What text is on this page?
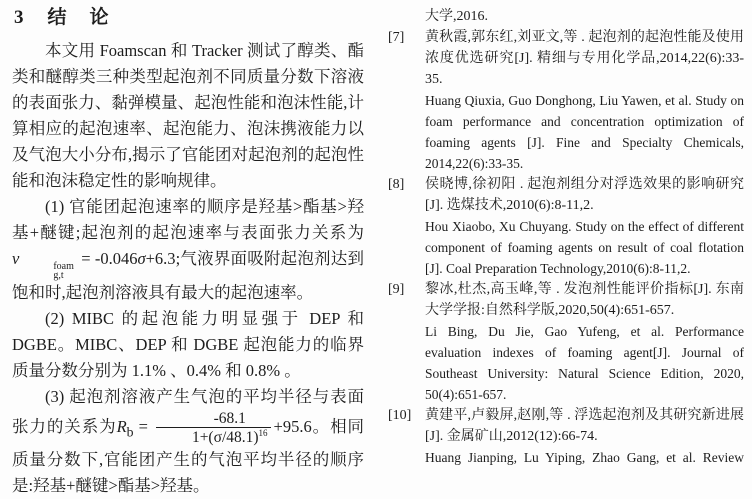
3 结　论

本文用 Foamscan 和 Tracker 测试了醇类、酯类和醚醇类三种类型起泡剂不同质量分数下溶液的表面张力、黏弹模量、起泡性能和泡沫性能,计算相应的起泡速率、起泡能力、泡沫携液能力以及气泡大小分布,揭示了官能团对起泡剂的起泡性能和泡沫稳定性的影响规律。

(1) 官能团起泡速率的顺序是羟基>酯基>羟基+醚键;起泡剂的起泡速率与表面张力关系为v	foam
g,t
= -0.046σ+6.3;气液界面吸附起泡剂达到饱和时,起泡剂溶液具有最大的起泡速率。

(2) MIBC 的起泡能力明显强于 DEP 和 DGBE。MIBC、DEP 和 DGBE 起泡能力的临界质量分数分别为 1.1% 、0.4% 和 0.8% 。

(3) 起泡剂溶液产生气泡的平均半径与表面张力的关系为$R_b = \frac{-68.1}{1+(\sigma/48.1)^{16}} +95.6$。相同质量分数下,官能团产生的气泡平均半径的顺序是:羟基+醚键>酯基>羟基。

大学,2016.

[7]	黄秋霞,郭东红,刘亚文,等 . 起泡剂的起泡性能及使用浓度优选研究[J]. 精细与专用化学品,2014,22(6):33-35.

Huang Qiuxia, Guo Donghong, Liu Yawen, et al. Study on foam performance and concentration optimization of foaming agents [J]. Fine and Specialty Chemicals, 2014,22(6):33-35.

[8]	侯晓博,徐初阳 . 起泡剂组分对浮选效果的影响研究[J]. 选煤技术,2010(6):8-11,2.

Hou Xiaobo, Xu Chuyang. Study on the effect of different component of foaming agents on result of coal flotation [J]. Coal Preparation Technology,2010(6):8-11,2.

[9]	黎冰,杜杰,高玉峰,等 . 发泡剂性能评价指标[J]. 东南大学学报:自然科学版,2020,50(4):651-657.

Li Bing, Du Jie, Gao Yufeng, et al. Performance evaluation indexes of foaming agent[J]. Journal of Southeast University: Natural Science Edition, 2020, 50(4):651-657.

[10] 黄建平,卢毅屏,赵刚,等 . 浮选起泡剂及其研究新进展[J]. 金属矿山,2012(12):66-74.

Huang Jianping, Lu Yiping, Zhao Gang, et al. Review
